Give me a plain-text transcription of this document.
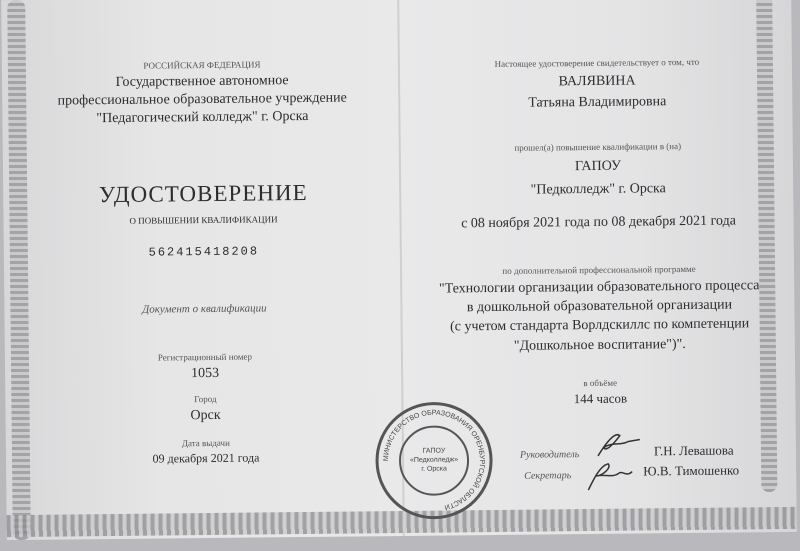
РОССИЙСКАЯ ФЕДЕРАЦИЯ
Государственное автономное
профессиональное образовательное учреждение
"Педагогический колледж" г. Орска
УДОСТОВЕРЕНИЕ
О ПОВЫШЕНИИ КВАЛИФИКАЦИИ
562415418208
Документ о квалификации
Регистрационный номер
1053
Город
Орск
Дата выдачи
09 декабря 2021 года
Настоящее удостоверение свидетельствует о том, что
ВАЛЯВИНА
Татьяна Владимировна
прошел(а) повышение квалификации в (на)
ГАПОУ
"Педколледж" г. Орска
с 08 ноября 2021 года по 08 декабря 2021 года
по дополнительной профессиональной программе
"Технологии организации образовательного процесса
в дошкольной образовательной организации
(с учетом стандарта Ворлдскиллс по компетенции
"Дошкольное воспитание")".
в объёме
144 часов
Руководитель	Г.Н. Левашова
Секретарь	Ю.В. Тимошенко
МИНИСТЕРСТВО ОБРАЗОВАНИЯ ОРЕНБУРГСКОЙ ОБЛАСТИ
ГАПОУ
«Педколледж»
г. Орска
